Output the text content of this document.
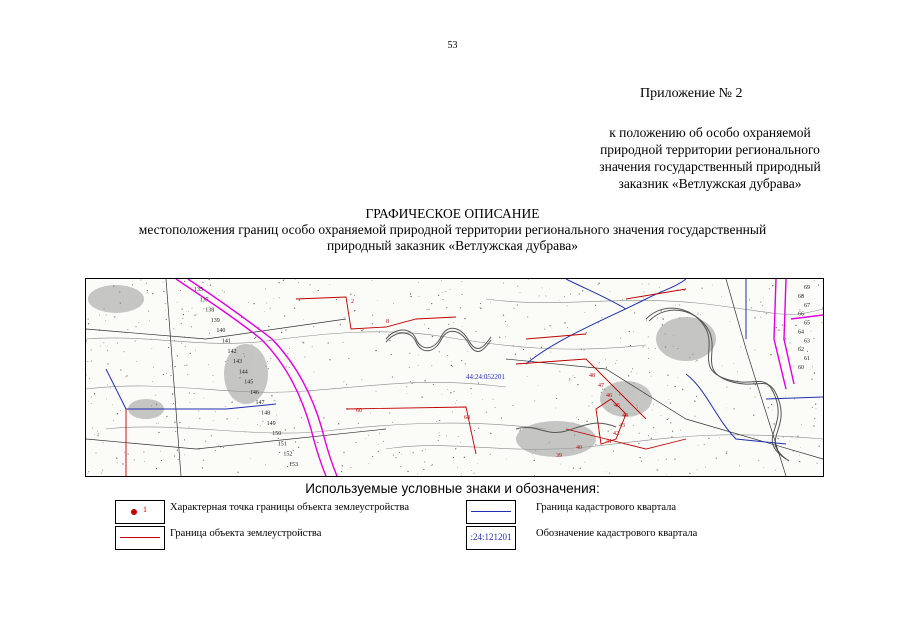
53
Приложение № 2
к положению об особо охраняемой
природной территории регионального
значения государственный природный
заказник «Ветлужская дубрава»
ГРАФИЧЕСКОЕ ОПИСАНИЕ
местоположения границ особо охраняемой природной территории регионального значения государственный
природный заказник «Ветлужская дубрава»
48
47
46
45
44
43
42
41
40
39
60
68
8
2
44:24:052201
135
137
138
139
140
141
142
143
144
145
146
147
148
149
150
151
152
153
60
61
62
63
64
65
66
67
68
69
Используемые условные знаки и обозначения:
1 Характерная точка границы объекта землеустройства
Граница объекта землеустройства
Граница кадастрового квартала
:24:121201	Обозначение кадастрового квартала
